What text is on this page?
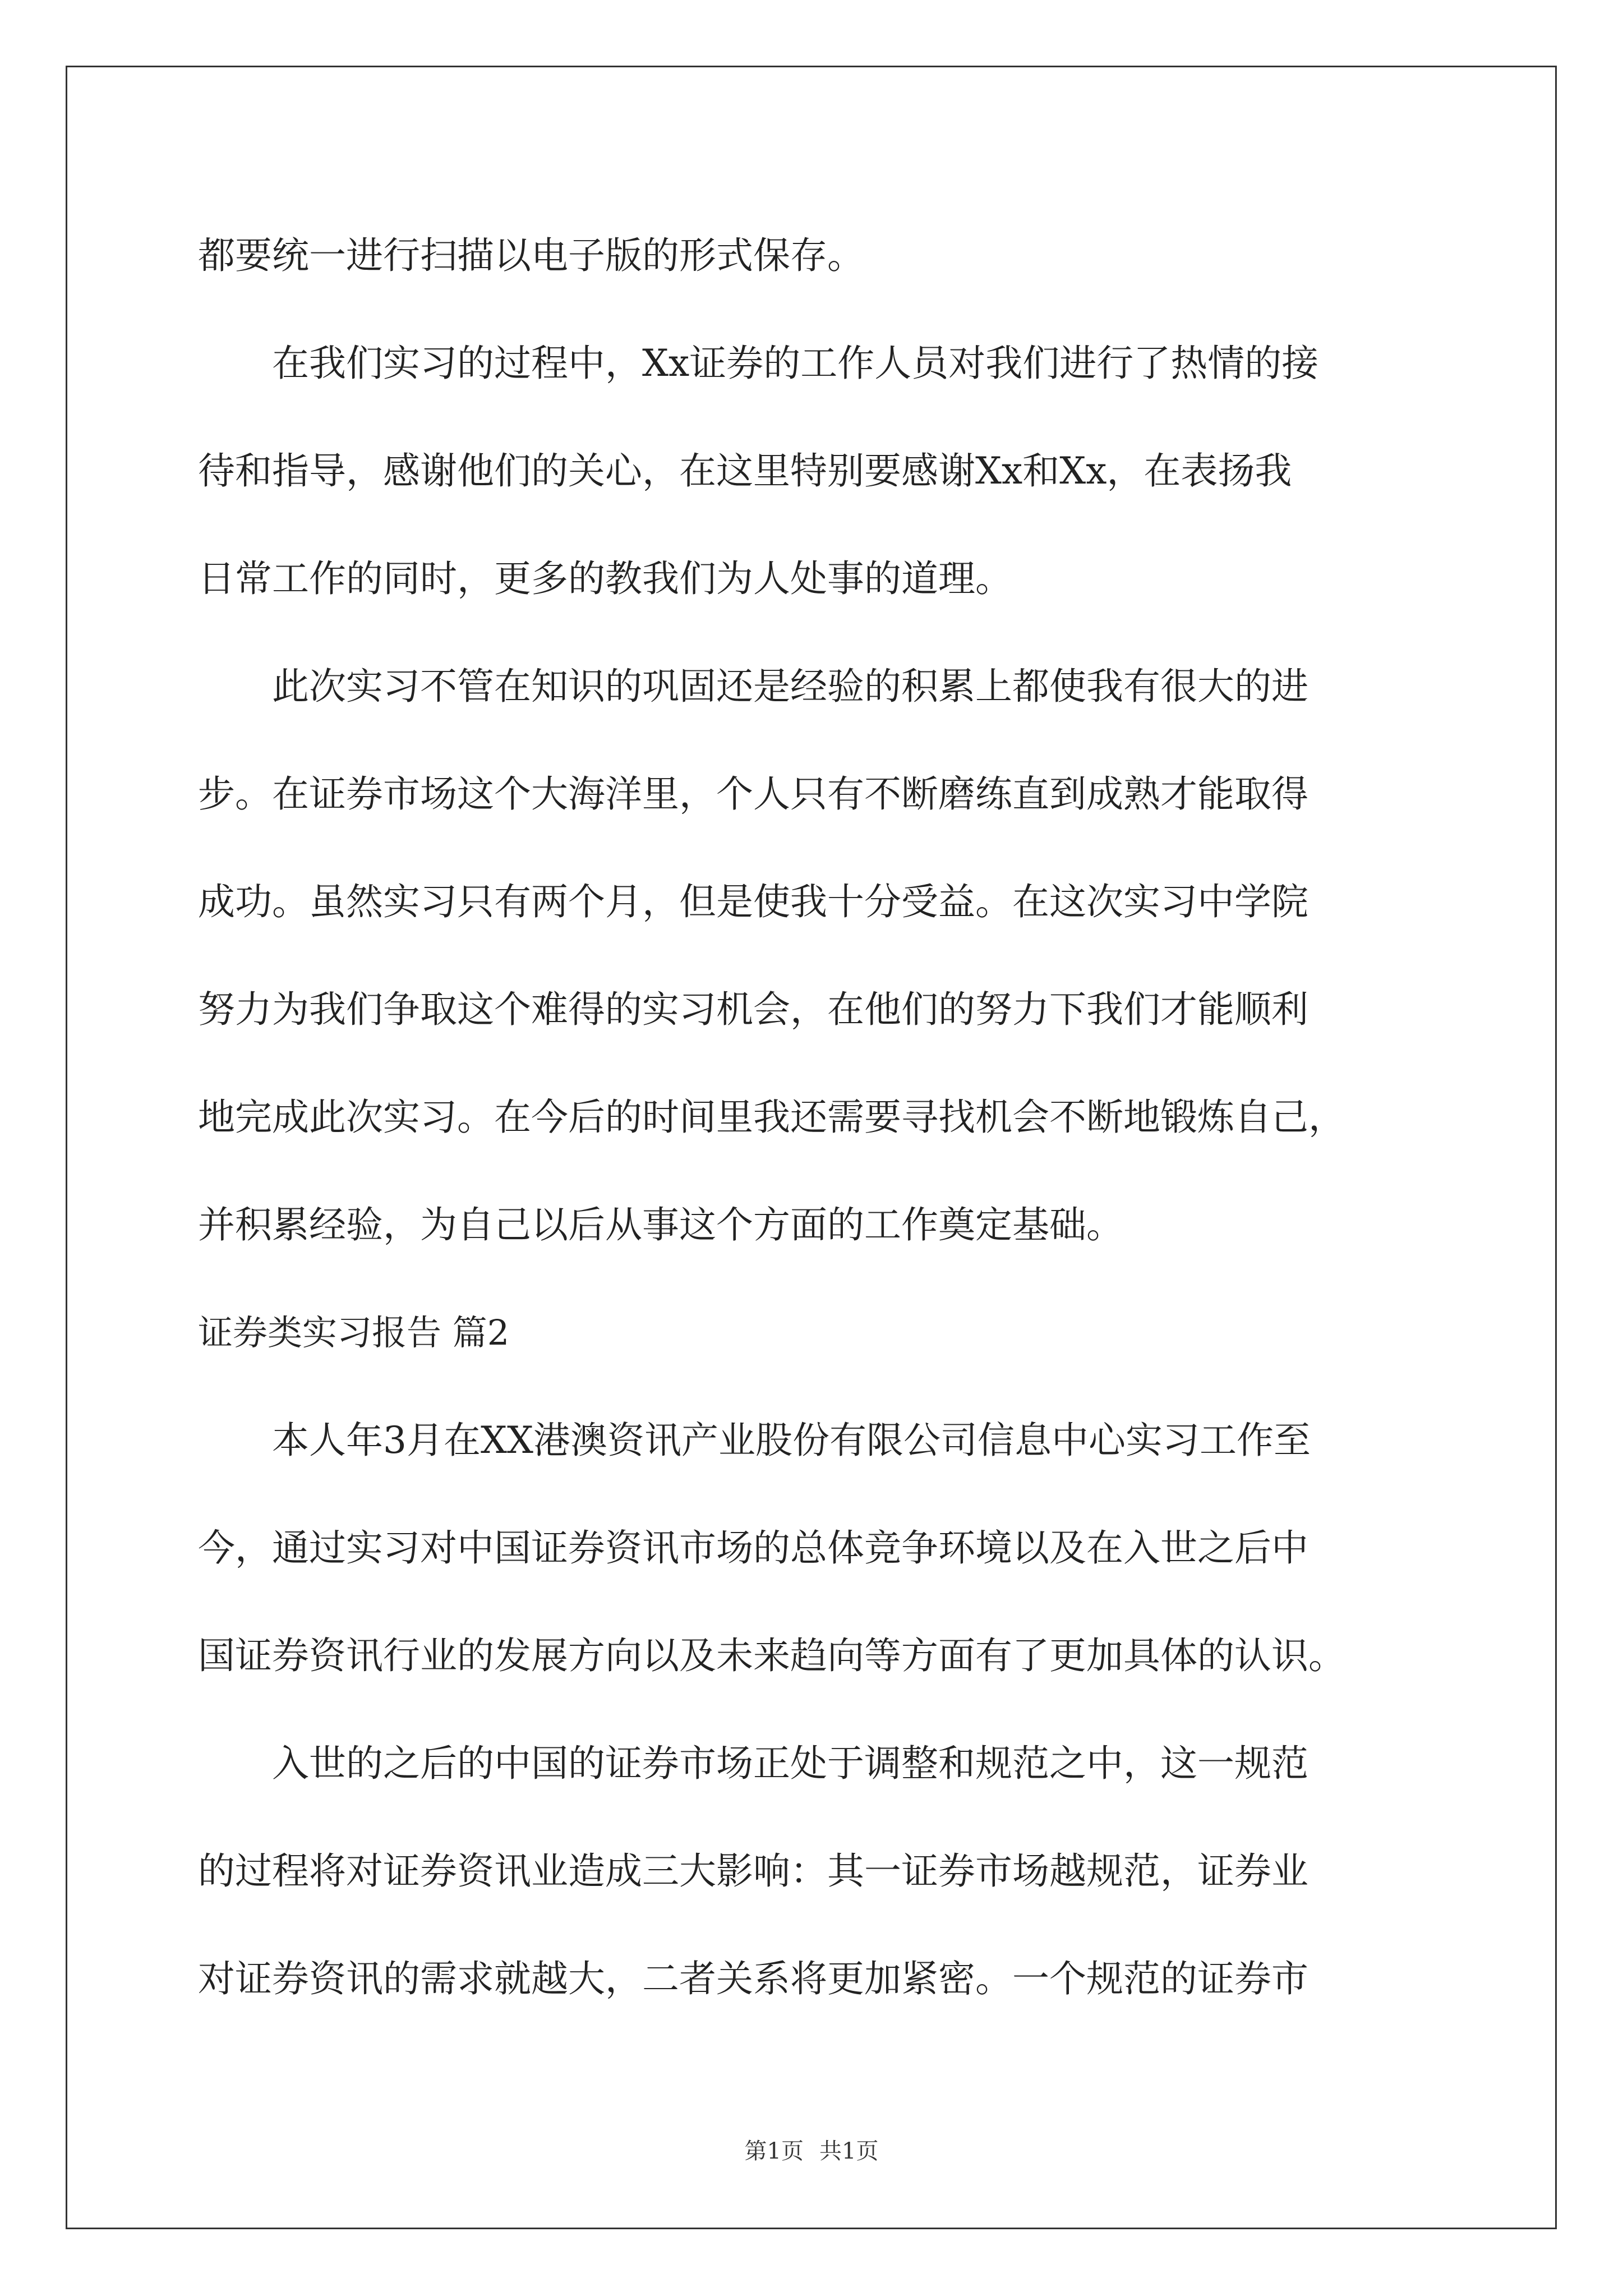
都要统一进行扫描以电子版的形式保存。
在我们实习的过程中，Xx证券的工作人员对我们进行了热情的接
待和指导，感谢他们的关心，在这里特别要感谢Xx和Xx，在表扬我
日常工作的同时，更多的教我们为人处事的道理。
此次实习不管在知识的巩固还是经验的积累上都使我有很大的进
步。在证券市场这个大海洋里，个人只有不断磨练直到成熟才能取得
成功。虽然实习只有两个月，但是使我十分受益。在这次实习中学院
努力为我们争取这个难得的实习机会，在他们的努力下我们才能顺利
地完成此次实习。在今后的时间里我还需要寻找机会不断地锻炼自己，
并积累经验，为自己以后从事这个方面的工作奠定基础。
证券类实习报告 篇2
本人年3月在XX港澳资讯产业股份有限公司信息中心实习工作至
今，通过实习对中国证券资讯市场的总体竞争环境以及在入世之后中
国证券资讯行业的发展方向以及未来趋向等方面有了更加具体的认识。
入世的之后的中国的证券市场正处于调整和规范之中，这一规范
的过程将对证券资讯业造成三大影响：其一证券市场越规范，证券业
对证券资讯的需求就越大，二者关系将更加紧密。一个规范的证券市
第1页 共1页
